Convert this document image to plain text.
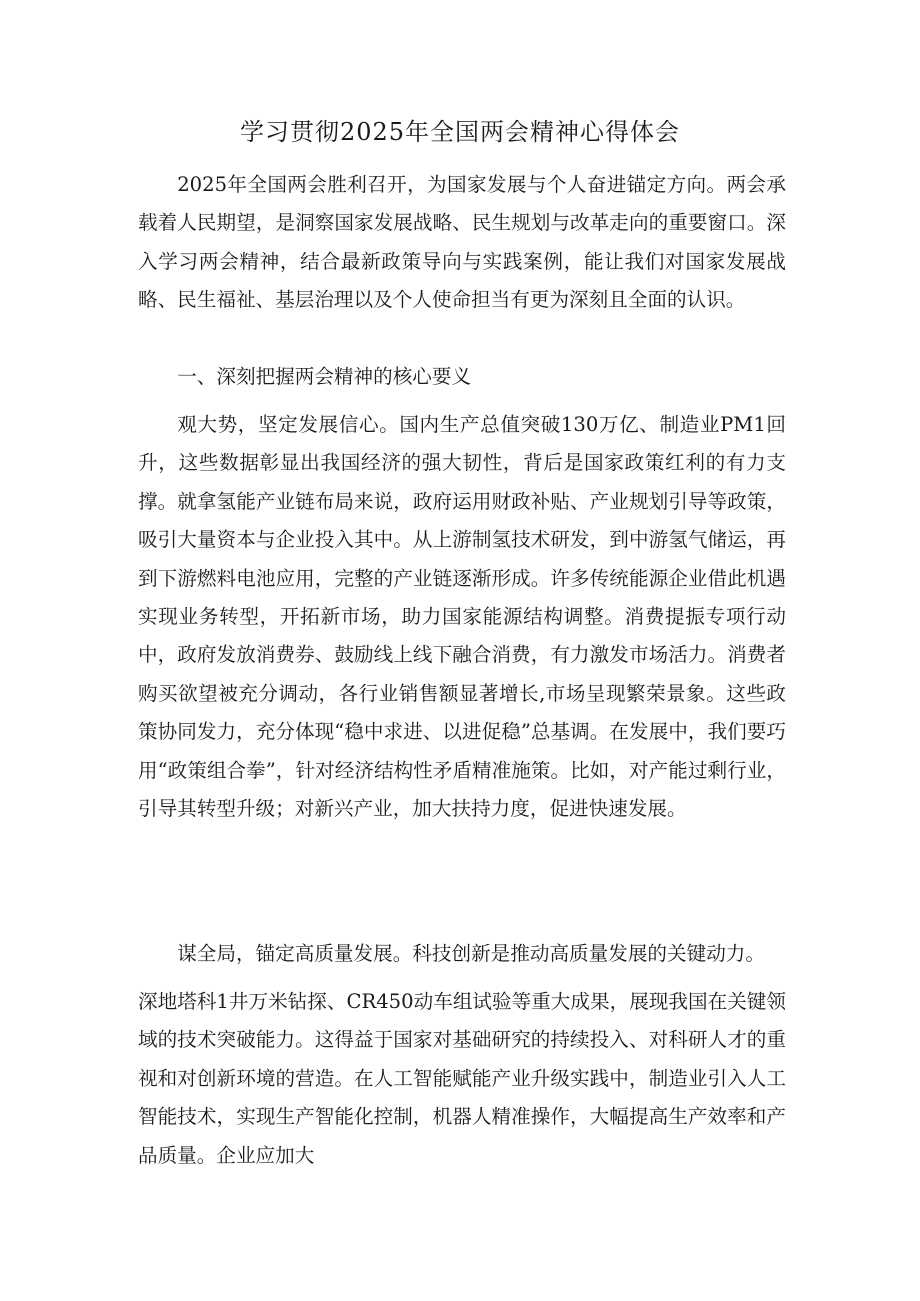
学习贯彻2025年全国两会精神心得体会

2025年全国两会胜利召开，为国家发展与个人奋进锚定方向。两会承载着人民期望，是洞察国家发展战略、民生规划与改革走向的重要窗口。深入学习两会精神，结合最新政策导向与实践案例，能让我们对国家发展战略、民生福祉、基层治理以及个人使命担当有更为深刻且全面的认识。

一、深刻把握两会精神的核心要义

观大势，坚定发展信心。国内生产总值突破130万亿、制造业PM1回升，这些数据彰显出我国经济的强大韧性，背后是国家政策红利的有力支撑。就拿氢能产业链布局来说，政府运用财政补贴、产业规划引导等政策，吸引大量资本与企业投入其中。从上游制氢技术研发，到中游氢气储运，再到下游燃料电池应用，完整的产业链逐渐形成。许多传统能源企业借此机遇实现业务转型，开拓新市场，助力国家能源结构调整。消费提振专项行动中，政府发放消费券、鼓励线上线下融合消费，有力激发市场活力。消费者购买欲望被充分调动，各行业销售额显著增长,市场呈现繁荣景象。这些政策协同发力，充分体现“稳中求进、以进促稳”总基调。在发展中，我们要巧用“政策组合拳”，针对经济结构性矛盾精准施策。比如，对产能过剩行业，引导其转型升级；对新兴产业，加大扶持力度，促进快速发展。

谋全局，锚定高质量发展。科技创新是推动高质量发展的关键动力。

深地塔科1井万米钻探、CR450动车组试验等重大成果，展现我国在关键领域的技术突破能力。这得益于国家对基础研究的持续投入、对科研人才的重视和对创新环境的营造。在人工智能赋能产业升级实践中，制造业引入人工智能技术，实现生产智能化控制，机器人精准操作，大幅提高生产效率和产品质量。企业应加大
